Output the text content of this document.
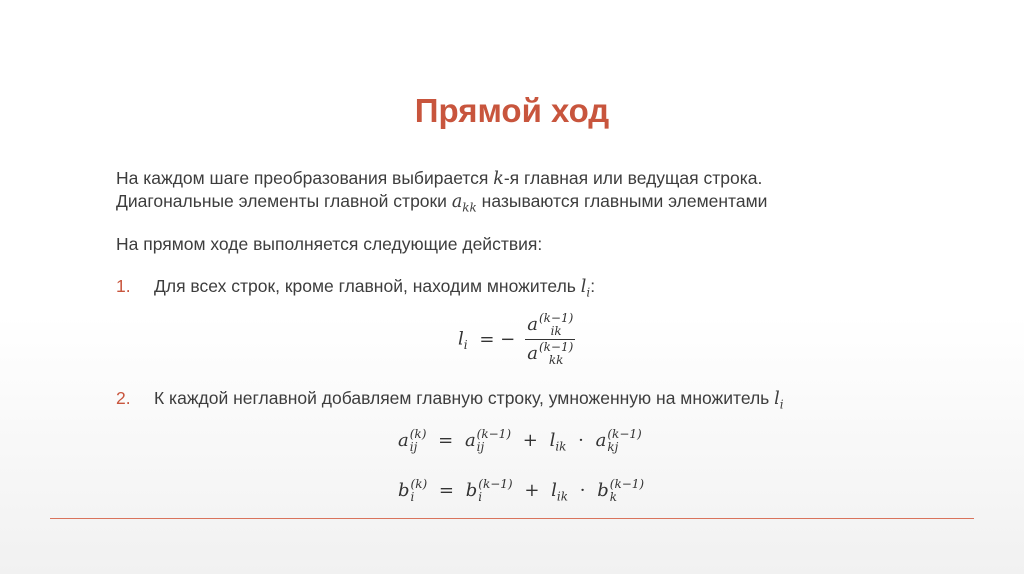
Прямой ход
На каждом шаге преобразования выбирается k-я главная или ведущая строка.
Диагональные элементы главной строки $a_{kk}$ называются главными элементами
На прямом ходе выполняется следующие действия:
1. Для всех строк, кроме главной, находим множитель $l_i$:
$l_i$ = − a (k−1)
ik
a (k−1)
kk
2. К каждой неглавной добавляем главную строку, умноженную на множитель $l_i$
a (k)
ij	= a (k−1)
ij	+ $l_{ik} \cdot a$ (k−1)
kj
b (k)
i	= b (k−1)
i	+ $l_{ik} \cdot b$ (k−1)
k
